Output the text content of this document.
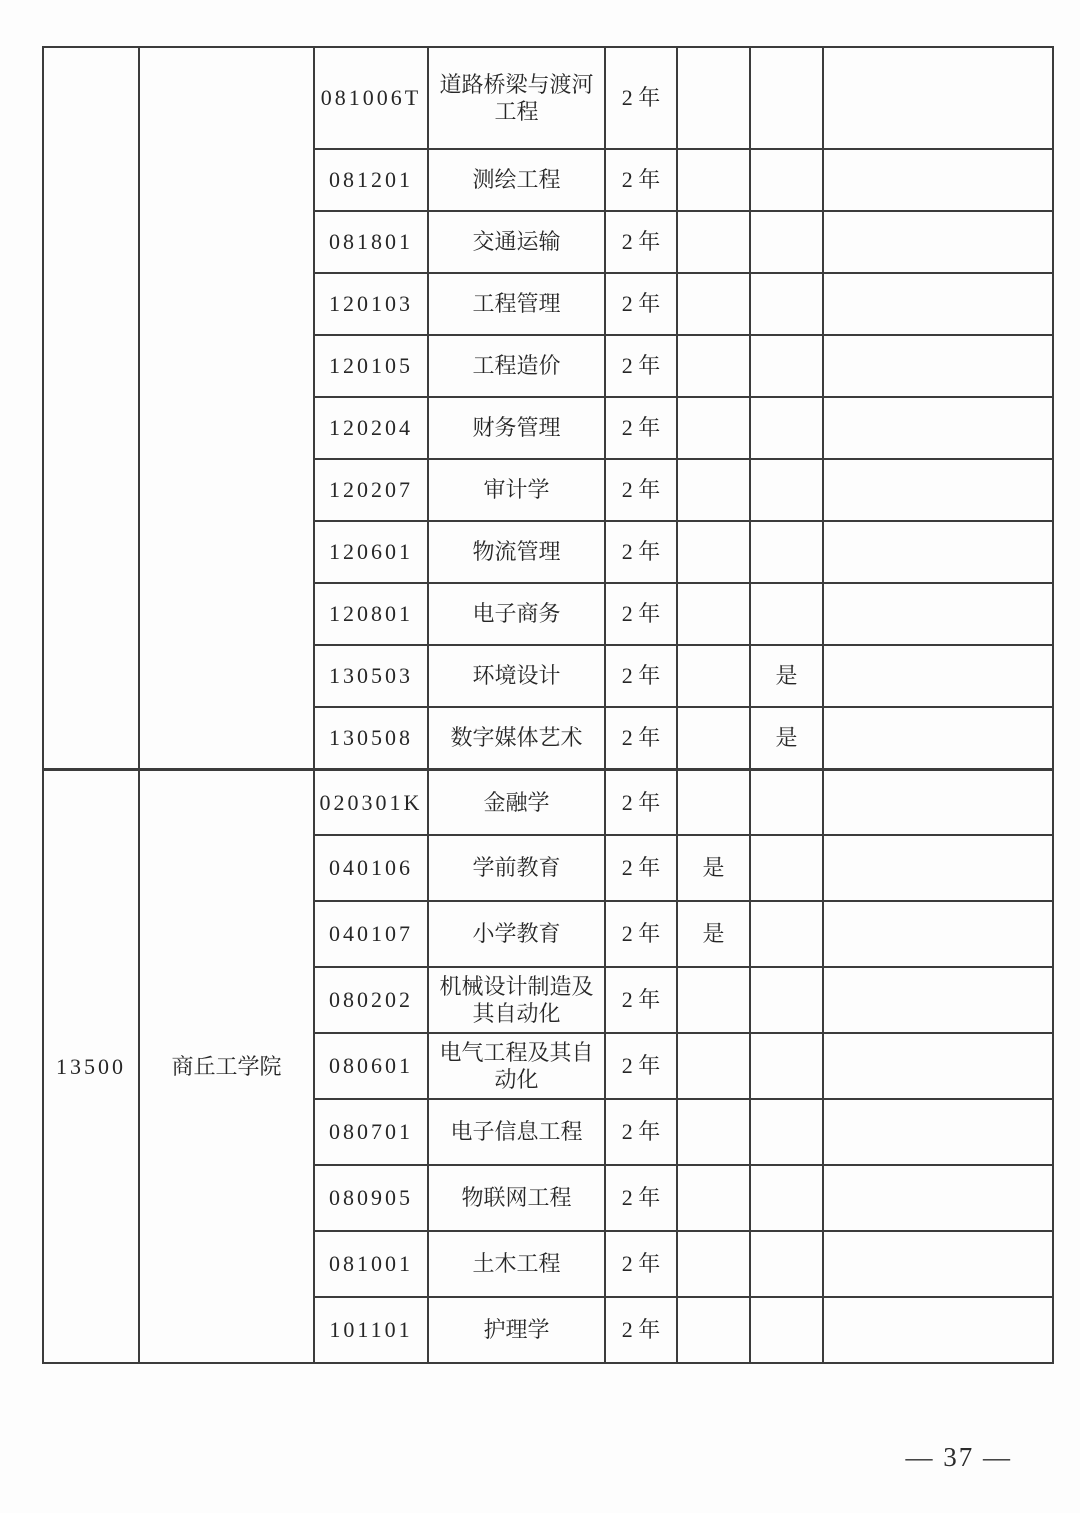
		081006T	道路桥梁与渡河工程	2 年			
		081201	测绘工程	2 年			
		081801	交通运输	2 年			
		120103	工程管理	2 年			
		120105	工程造价	2 年			
		120204	财务管理	2 年			
		120207	审计学	2 年			
		120601	物流管理	2 年			
		120801	电子商务	2 年			
		130503	环境设计	2 年		是	
		130508	数字媒体艺术	2 年		是	
13500	商丘工学院	020301K	金融学	2 年			
		040106	学前教育	2 年	是		
		040107	小学教育	2 年	是		
		080202	机械设计制造及其自动化	2 年			
		080601	电气工程及其自动化	2 年			
		080701	电子信息工程	2 年			
		080905	物联网工程	2 年			
		081001	土木工程	2 年			
		101101	护理学	2 年			
— 37 —
